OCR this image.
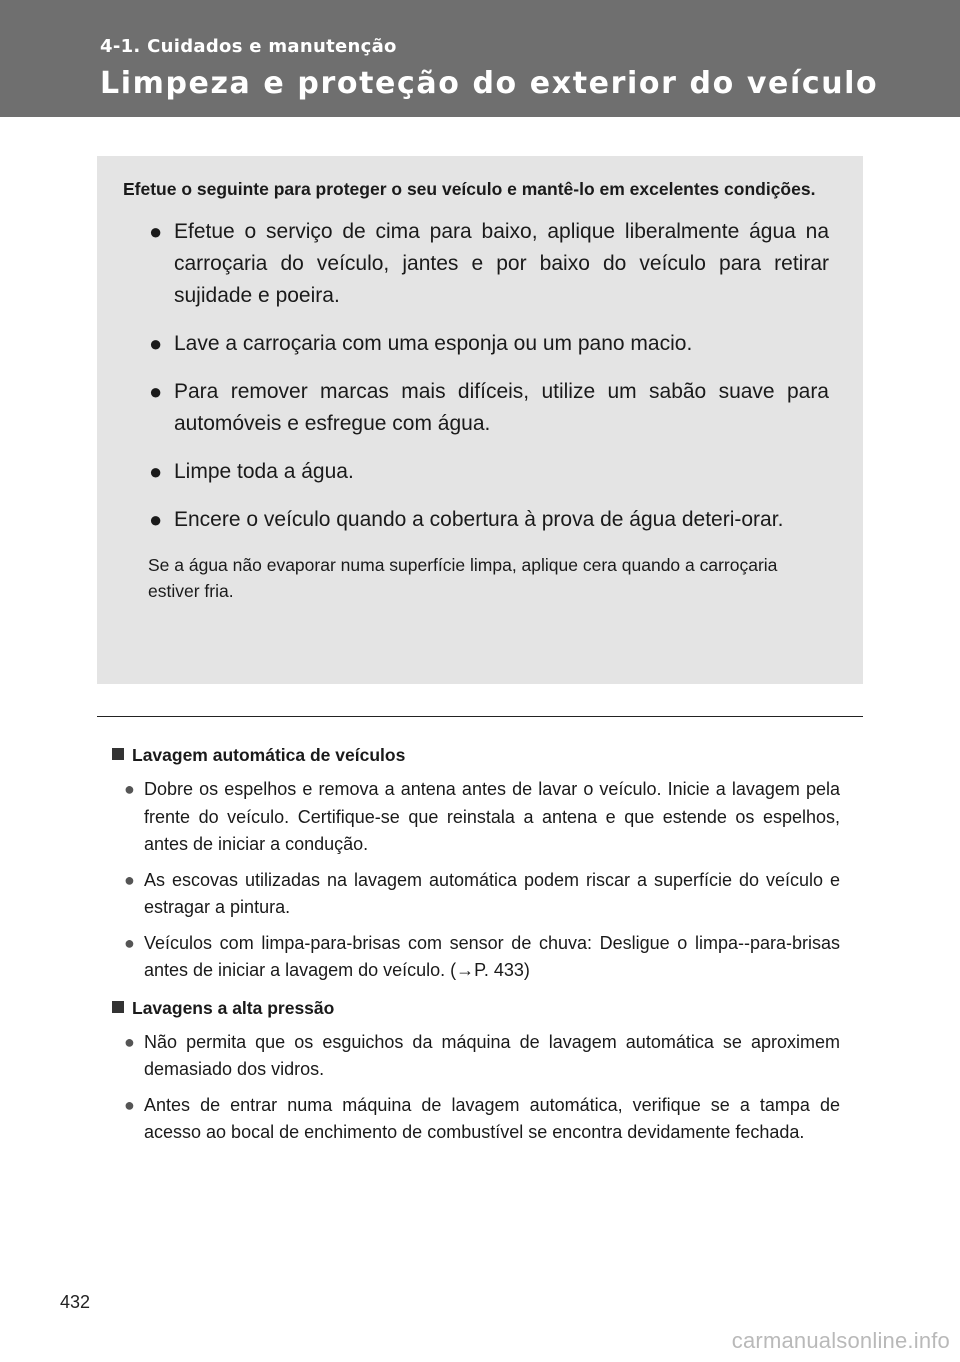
4-1. Cuidados e manutenção
Limpeza e proteção do exterior do veículo

Efetue o seguinte para proteger o seu veículo e mantê-lo em excelentes condições.

● Efetue o serviço de cima para baixo, aplique liberalmente água na carroçaria do veículo, jantes e por baixo do veículo para retirar sujidade e poeira.
● Lave a carroçaria com uma esponja ou um pano macio.
● Para remover marcas mais difíceis, utilize um sabão suave para automóveis e esfregue com água.
● Limpe toda a água.
● Encere o veículo quando a cobertura à prova de água deteri-orar.
Se a água não evaporar numa superfície limpa, aplique cera quando a carroçaria estiver fria.
Lavagem automática de veículos
● Dobre os espelhos e remova a antena antes de lavar o veículo. Inicie a lavagem pela frente do veículo. Certifique-se que reinstala a antena e que estende os espelhos, antes de iniciar a condução.
● As escovas utilizadas na lavagem automática podem riscar a superfície do veículo e estragar a pintura.
● Veículos com limpa-para-brisas com sensor de chuva: Desligue o limpa--para-brisas antes de iniciar a lavagem do veículo. (→P. 433)
Lavagens a alta pressão
● Não permita que os esguichos da máquina de lavagem automática se aproximem demasiado dos vidros.
● Antes de entrar numa máquina de lavagem automática, verifique se a tampa de acesso ao bocal de enchimento de combustível se encontra devidamente fechada.
432
carmanualsonline.info
